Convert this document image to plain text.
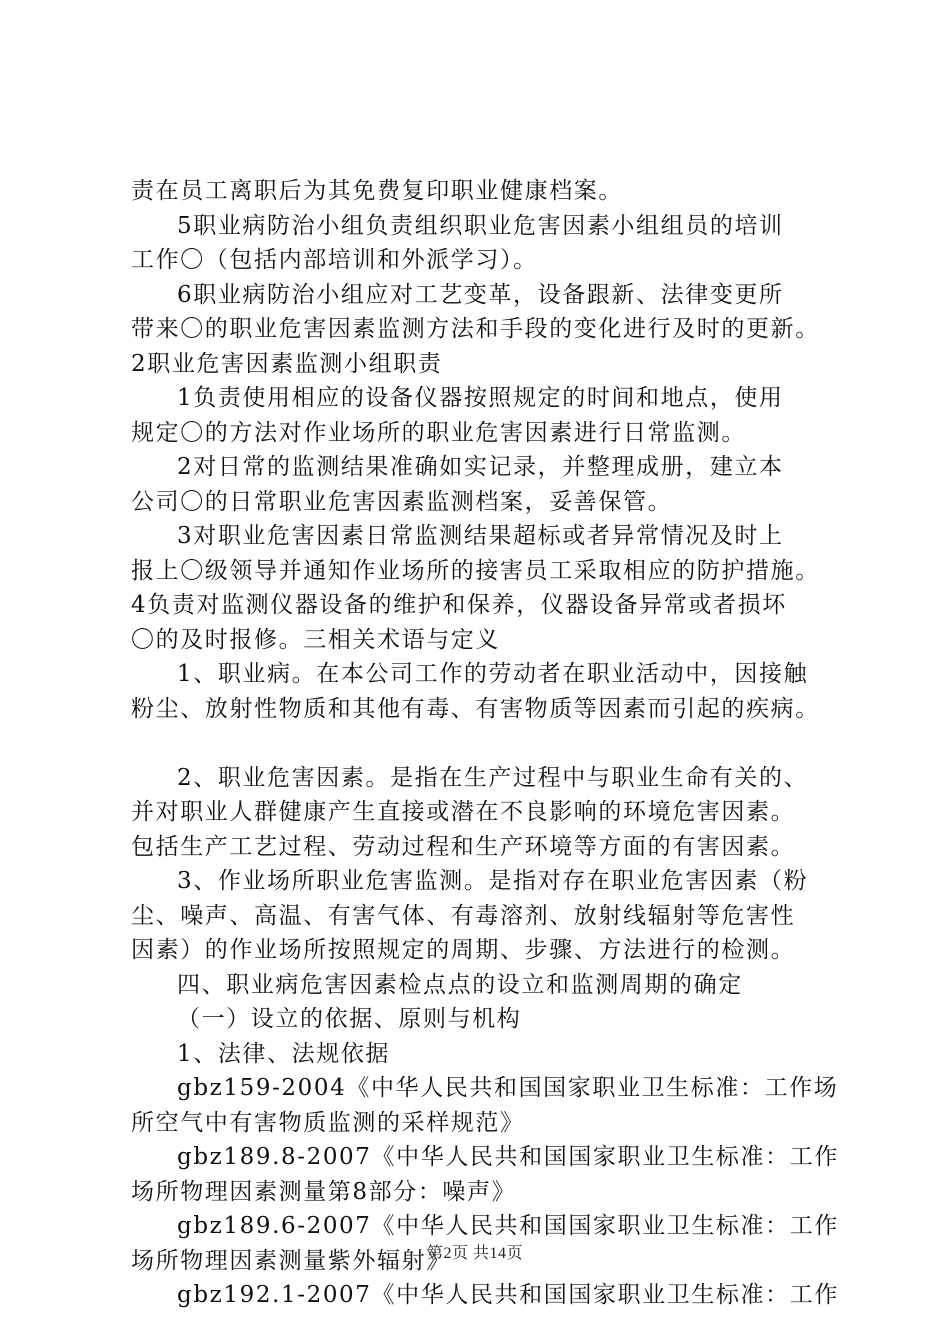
责在员工离职后为其免费复印职业健康档案。
5职业病防治小组负责组织职业危害因素小组组员的培训
工作〇（包括内部培训和外派学习）。
6职业病防治小组应对工艺变革，设备跟新、法律变更所
带来〇的职业危害因素监测方法和手段的变化进行及时的更新。
2职业危害因素监测小组职责
1负责使用相应的设备仪器按照规定的时间和地点，使用
规定〇的方法对作业场所的职业危害因素进行日常监测。
2对日常的监测结果准确如实记录，并整理成册，建立本
公司〇的日常职业危害因素监测档案，妥善保管。
3对职业危害因素日常监测结果超标或者异常情况及时上
报上〇级领导并通知作业场所的接害员工采取相应的防护措施。
4负责对监测仪器设备的维护和保养，仪器设备异常或者损坏
〇的及时报修。三相关术语与定义
1、职业病。在本公司工作的劳动者在职业活动中，因接触
粉尘、放射性物质和其他有毒、有害物质等因素而引起的疾病。
2、职业危害因素。是指在生产过程中与职业生命有关的、
并对职业人群健康产生直接或潜在不良影响的环境危害因素。
包括生产工艺过程、劳动过程和生产环境等方面的有害因素。
3、作业场所职业危害监测。是指对存在职业危害因素（粉
尘、噪声、高温、有害气体、有毒溶剂、放射线辐射等危害性
因素）的作业场所按照规定的周期、步骤、方法进行的检测。
四、职业病危害因素检点点的设立和监测周期的确定
（一）设立的依据、原则与机构
1、法律、法规依据
gbz159-2004《中华人民共和国国家职业卫生标准：工作场
所空气中有害物质监测的采样规范》
gbz189.8-2007《中华人民共和国国家职业卫生标准：工作
场所物理因素测量第8部分：噪声》
gbz189.6-2007《中华人民共和国国家职业卫生标准：工作
场所物理因素测量紫外辐射》
gbz192.1-2007《中华人民共和国国家职业卫生标准：工作
第2页 共14页
